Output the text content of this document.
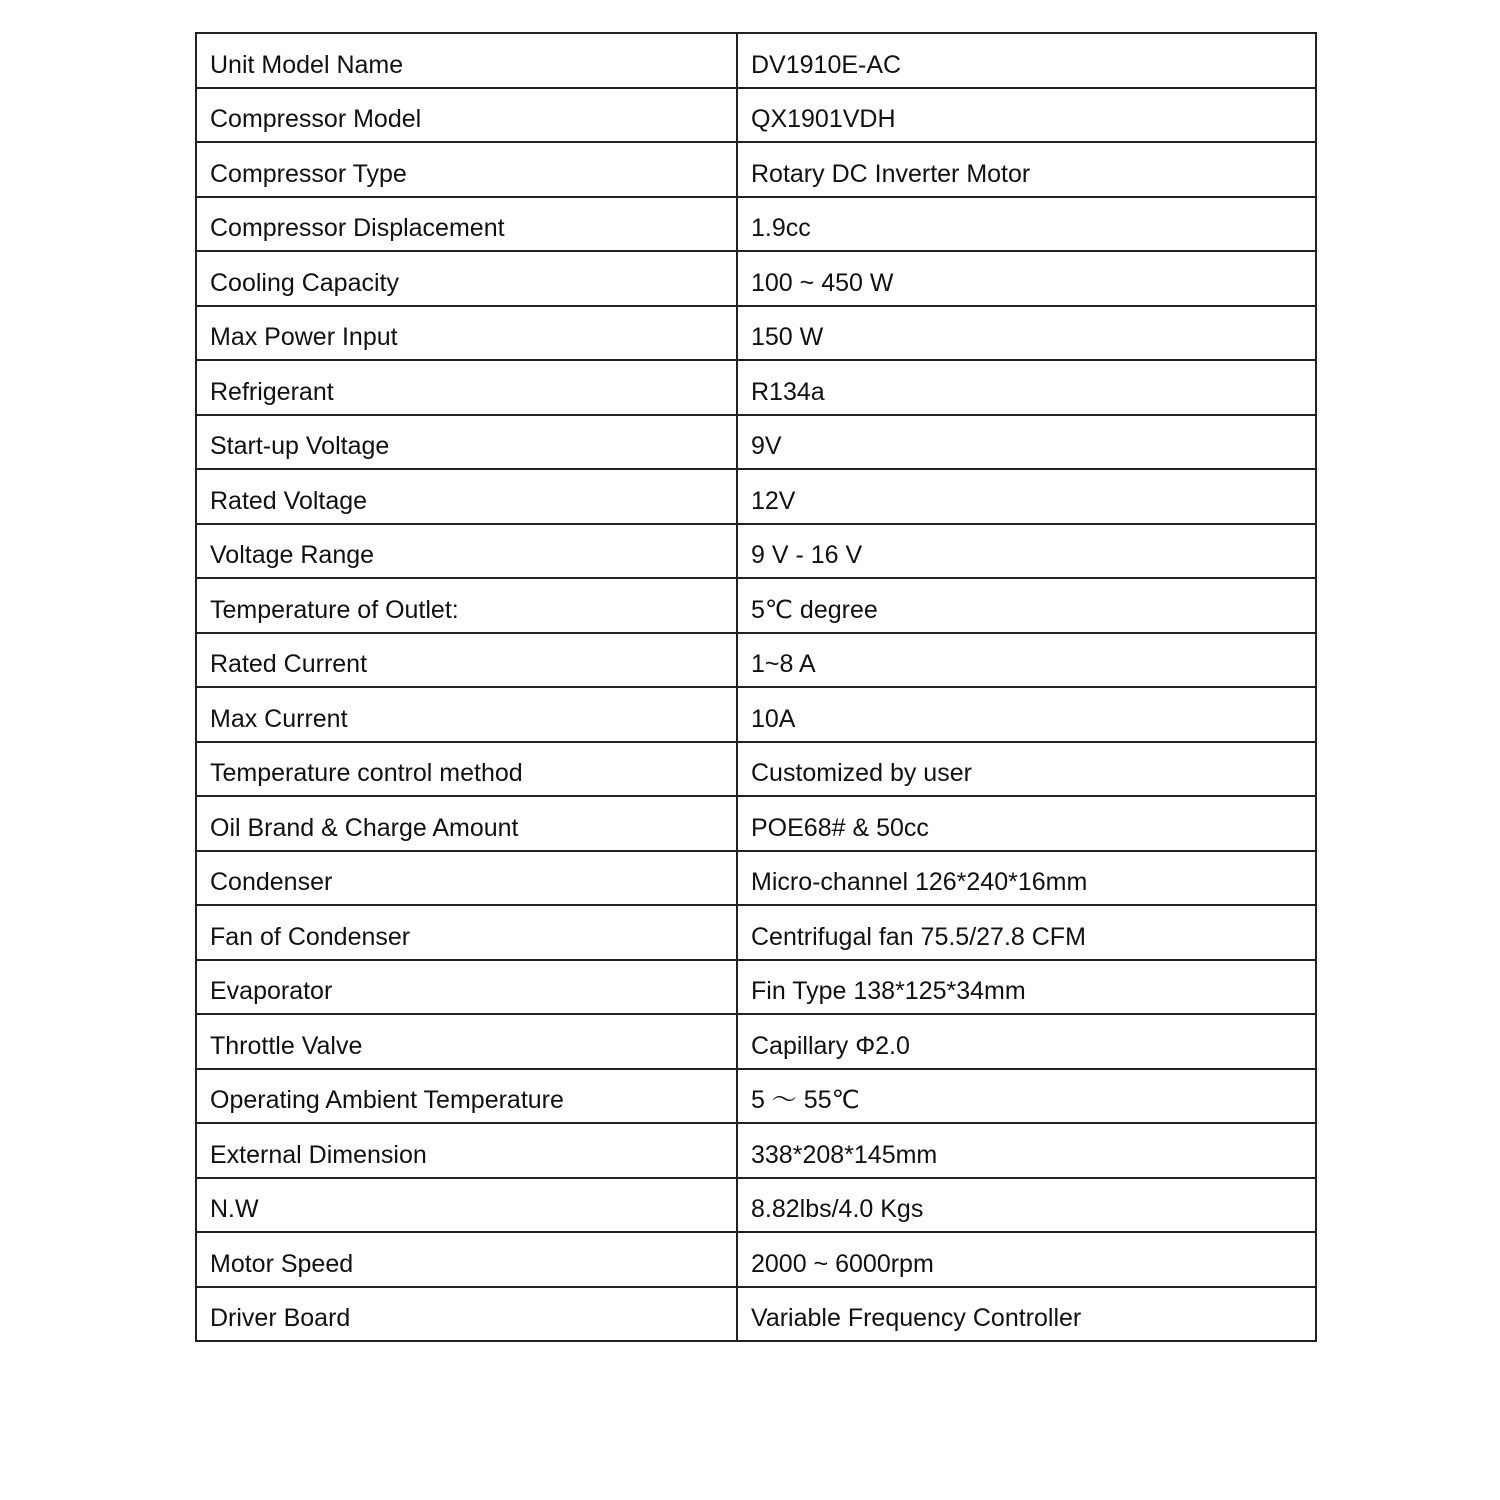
Unit Model Name	DV1910E-AC
Compressor Model	QX1901VDH
Compressor Type	Rotary DC Inverter Motor
Compressor Displacement	1.9cc
Cooling Capacity	100 ~ 450 W
Max Power Input	150 W
Refrigerant	R134a
Start-up Voltage	9V
Rated Voltage	12V
Voltage Range	9 V - 16 V
Temperature of Outlet:	5℃ degree
Rated Current	1~8 A
Max Current	10A
Temperature control method	Customized by user
Oil Brand & Charge Amount	POE68# & 50cc
Condenser	Micro-channel 126*240*16mm
Fan of Condenser	Centrifugal fan 75.5/27.8 CFM
Evaporator	Fin Type 138*125*34mm
Throttle Valve	Capillary Φ2.0
Operating Ambient Temperature	5 ～ 55℃
External Dimension	338*208*145mm
N.W	8.82lbs/4.0 Kgs
Motor Speed	2000 ~ 6000rpm
Driver Board	Variable Frequency Controller
